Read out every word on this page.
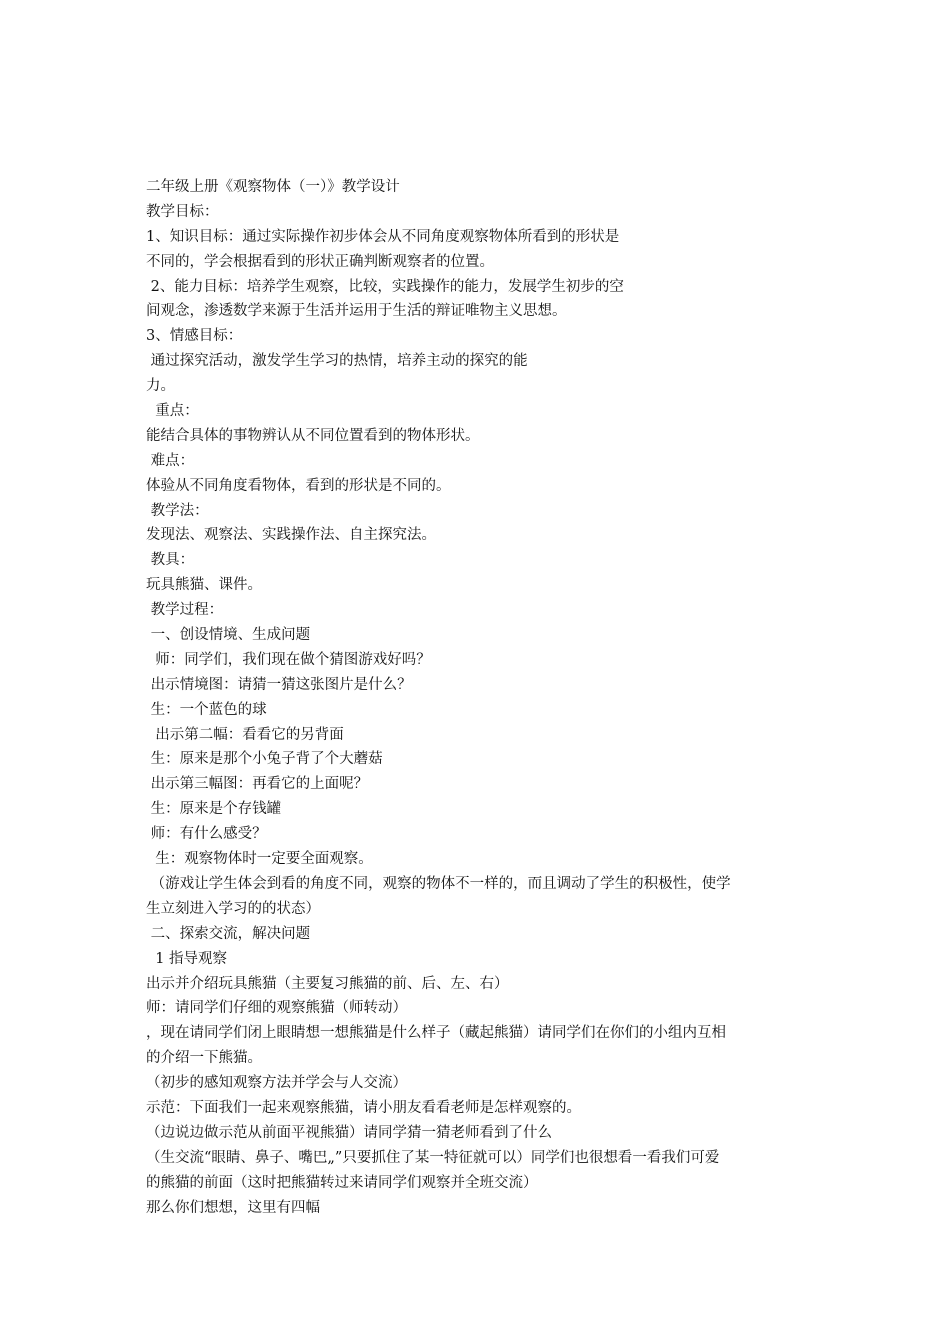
二年级上册《观察物体（一）》教学设计
教学目标：
1、知识目标：通过实际操作初步体会从不同角度观察物体所看到的形状是
不同的，学会根据看到的形状正确判断观察者的位置。
2、能力目标：培养学生观察，比较，实践操作的能力，发展学生初步的空
间观念，渗透数学来源于生活并运用于生活的辩证唯物主义思想。
3、情感目标：
通过探究活动，激发学生学习的热情，培养主动的探究的能
力。
重点：
能结合具体的事物辨认从不同位置看到的物体形状。
难点：
体验从不同角度看物体，看到的形状是不同的。
教学法：
发现法、观察法、实践操作法、自主探究法。
教具：
玩具熊猫、课件。
教学过程：
一、创设情境、生成问题
师：同学们，我们现在做个猜图游戏好吗？
出示情境图：请猜一猜这张图片是什么？
生：一个蓝色的球
出示第二幅：看看它的另背面
生：原来是那个小兔子背了个大蘑菇
出示第三幅图：再看它的上面呢？
生：原来是个存钱罐
师：有什么感受？
生：观察物体时一定要全面观察。
（游戏让学生体会到看的角度不同，观察的物体不一样的，而且调动了学生的积极性，使学
生立刻进入学习的的状态）
二、探索交流，解决问题
1 指导观察
出示并介绍玩具熊猫（主要复习熊猫的前、后、左、右）
师：请同学们仔细的观察熊猫（师转动）
，现在请同学们闭上眼睛想一想熊猫是什么样子（藏起熊猫）请同学们在你们的小组内互相
的介绍一下熊猫。
（初步的感知观察方法并学会与人交流）
示范：下面我们一起来观察熊猫，请小朋友看看老师是怎样观察的。
（边说边做示范从前面平视熊猫）请同学猜一猜老师看到了什么
（生交流“眼睛、鼻子、嘴巴„”只要抓住了某一特征就可以）同学们也很想看一看我们可爱
的熊猫的前面（这时把熊猫转过来请同学们观察并全班交流）
那么你们想想，这里有四幅
